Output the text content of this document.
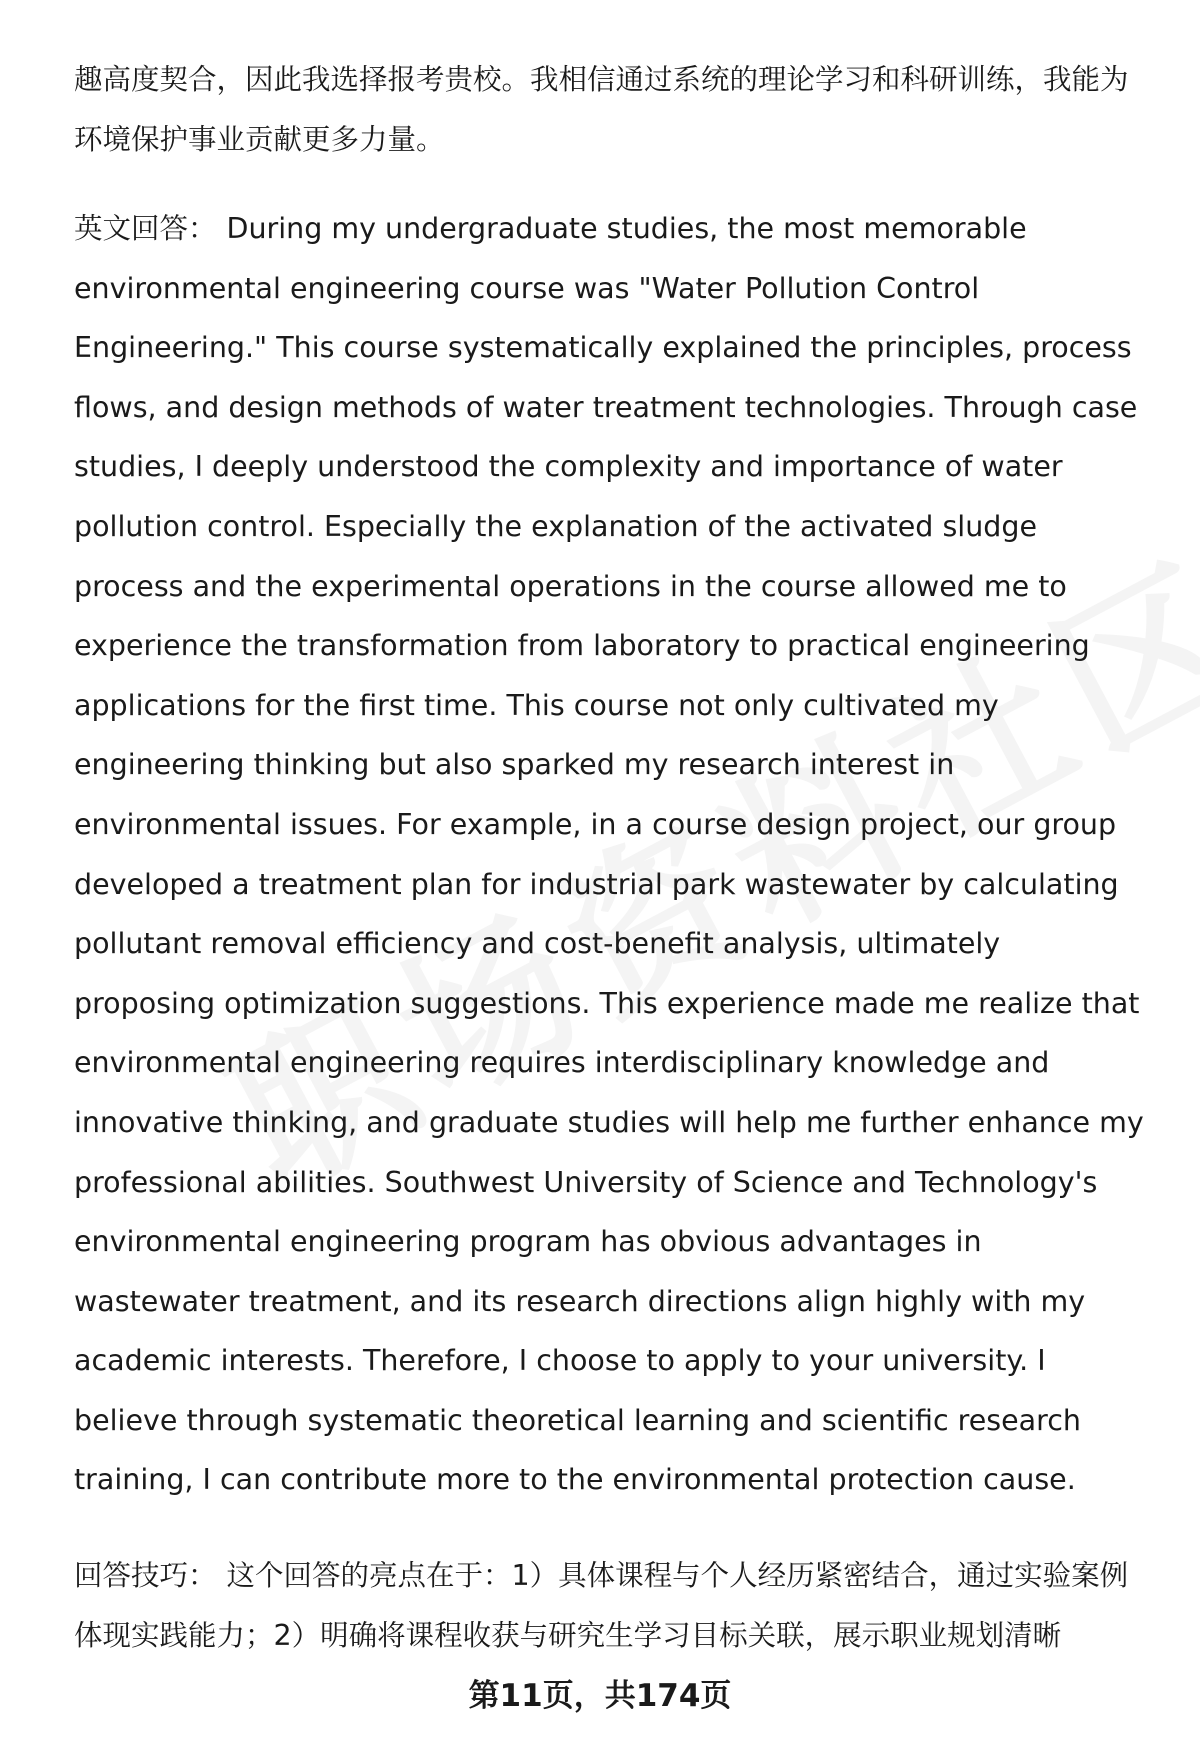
趣高度契合，因此我选择报考贵校。我相信通过系统的理论学习和科研训练，我能为环境保护事业贡献更多力量。

英文回答： During my undergraduate studies, the most memorable environmental engineering course was "Water Pollution Control Engineering." This course systematically explained the principles, process flows, and design methods of water treatment technologies. Through case studies, I deeply understood the complexity and importance of water pollution control. Especially the explanation of the activated sludge process and the experimental operations in the course allowed me to experience the transformation from laboratory to practical engineering applications for the first time. This course not only cultivated my engineering thinking but also sparked my research interest in environmental issues. For example, in a course design project, our group developed a treatment plan for industrial park wastewater by calculating pollutant removal efficiency and cost-benefit analysis, ultimately proposing optimization suggestions. This experience made me realize that environmental engineering requires interdisciplinary knowledge and innovative thinking, and graduate studies will help me further enhance my professional abilities. Southwest University of Science and Technology's environmental engineering program has obvious advantages in wastewater treatment, and its research directions align highly with my academic interests. Therefore, I choose to apply to your university. I believe through systematic theoretical learning and scientific research training, I can contribute more to the environmental protection cause.

回答技巧： 这个回答的亮点在于：1）具体课程与个人经历紧密结合，通过实验案例体现实践能力；2）明确将课程收获与研究生学习目标关联，展示职业规划清晰

第11页，共174页
